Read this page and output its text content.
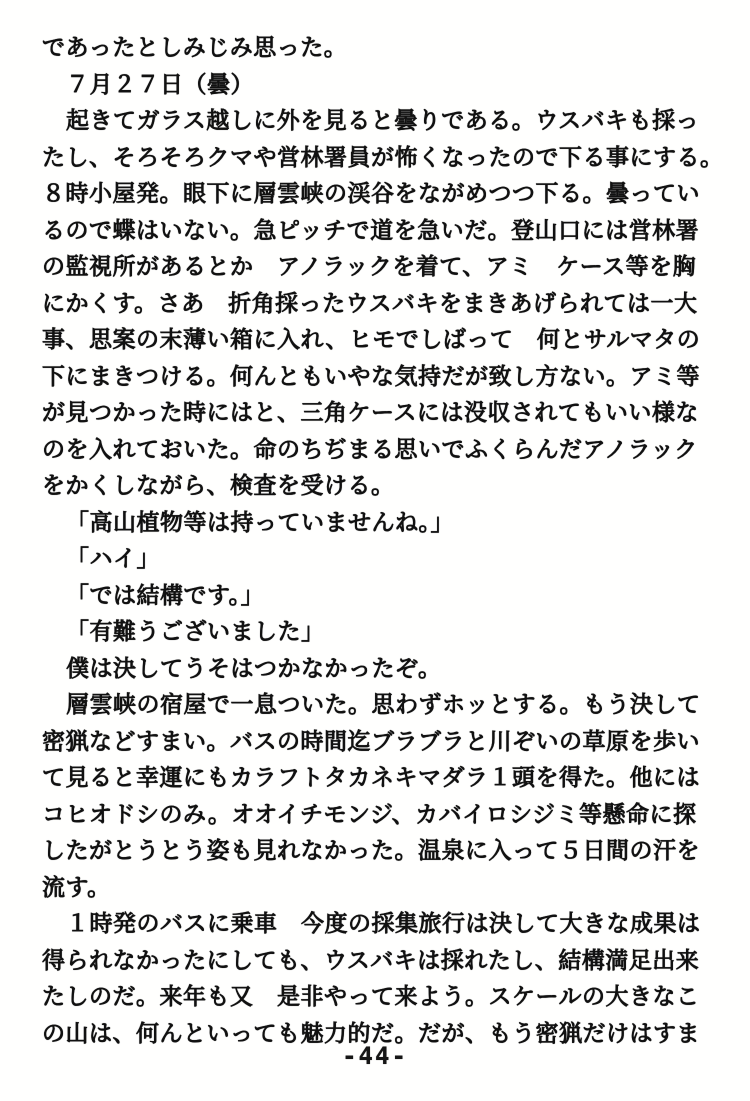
であったとしみじみ思った。
７月２７日（曇）
起きてガラス越しに外を見ると曇りである。ウスバキも採っ
たし、そろそろクマや営林署員が怖くなったので下る事にする。
８時小屋発。眼下に層雲峡の渓谷をながめつつ下る。曇ってい
るので蝶はいない。急ピッチで道を急いだ。登山口には営林署
の監視所があるとか　アノラックを着て、アミ　ケース等を胸
にかくす。さあ　折角採ったウスバキをまきあげられては一大
事、思案の末薄い箱に入れ、ヒモでしばって　何とサルマタの
下にまきつける。何んともいやな気持だが致し方ない。アミ等
が見つかった時にはと、三角ケースには没収されてもいい様な
のを入れておいた。命のちぢまる思いでふくらんだアノラック
をかくしながら、検査を受ける。
「高山植物等は持っていませんね。」
「ハイ」
「では結構です。」
「有難うございました」
僕は決してうそはつかなかったぞ。
層雲峡の宿屋で一息ついた。思わずホッとする。もう決して
密猟などすまい。バスの時間迄ブラブラと川ぞいの草原を歩い
て見ると幸運にもカラフトタカネキマダラ１頭を得た。他には
コヒオドシのみ。オオイチモンジ、カバイロシジミ等懸命に探
したがとうとう姿も見れなかった。温泉に入って５日間の汗を
流す。
１時発のバスに乗車　今度の採集旅行は決して大きな成果は
得られなかったにしても、ウスバキは採れたし、結構満足出来
たしのだ。来年も又　是非やって来よう。スケールの大きなこ
の山は、何んといっても魅力的だ。だが、もう密猟だけはすま
-44-
